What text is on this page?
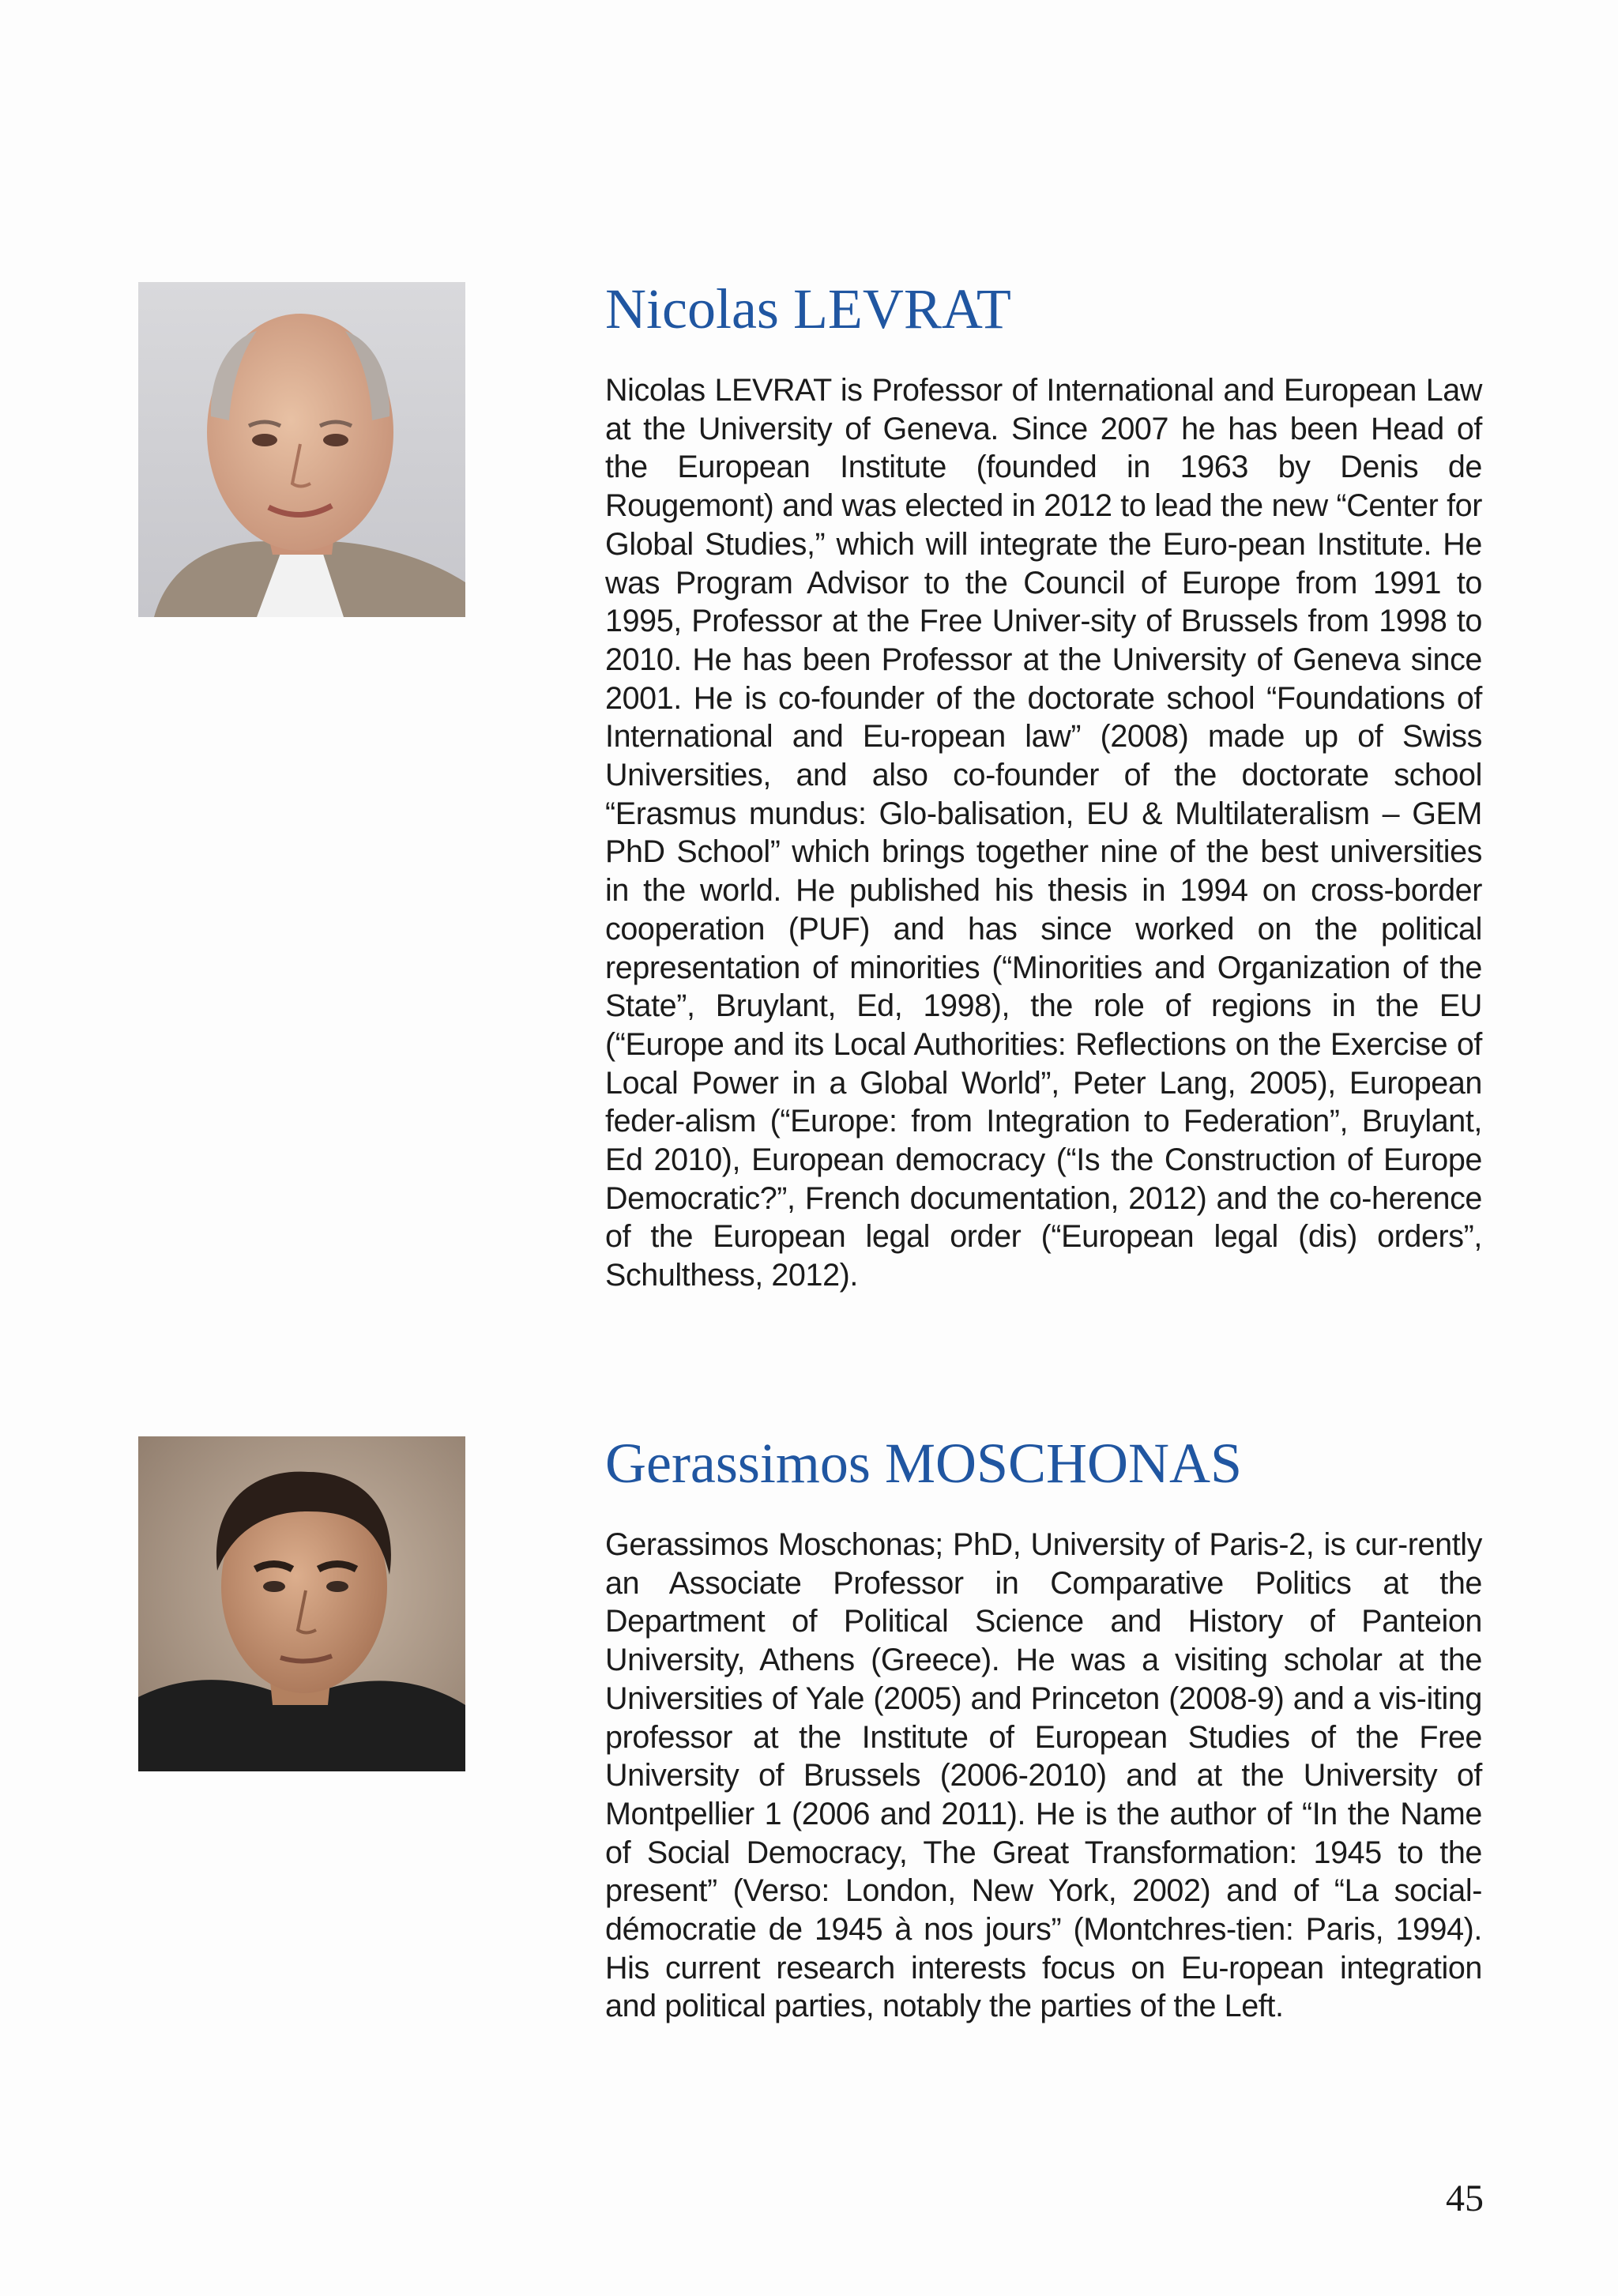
Nicolas LEVRAT

Nicolas LEVRAT is Professor of International and European Law at the University of Geneva. Since 2007 he has been Head of the European Institute (founded in 1963 by Denis de Rougemont) and was elected in 2012 to lead the new “Center for Global Studies,” which will integrate the Euro-pean Institute. He was Program Advisor to the Council of Europe from 1991 to 1995, Professor at the Free Univer-sity of Brussels from 1998 to 2010. He has been Professor at the University of Geneva since 2001. He is co-founder of the doctorate school “Foundations of International and Eu-ropean law” (2008) made up of Swiss Universities, and also co-founder of the doctorate school “Erasmus mundus: Glo-balisation, EU & Multilateralism – GEM PhD School” which brings together nine of the best universities in the world. He published his thesis in 1994 on cross-border cooperation (PUF) and has since worked on the political representation of minorities (“Minorities and Organization of the State”, Bruylant, Ed, 1998), the role of regions in the EU (“Europe and its Local Authorities: Reflections on the Exercise of Local Power in a Global World”, Peter Lang, 2005), European feder-alism (“Europe: from Integration to Federation”, Bruylant, Ed 2010), European democracy (“Is the Construction of Europe Democratic?”, French documentation, 2012) and the co-herence of the European legal order (“European legal (dis) orders”, Schulthess, 2012).

Gerassimos MOSCHONAS

Gerassimos Moschonas; PhD, University of Paris-2, is cur-rently an Associate Professor in Comparative Politics at the Department of Political Science and History of Panteion University, Athens (Greece). He was a visiting scholar at the Universities of Yale (2005) and Princeton (2008-9) and a vis-iting professor at the Institute of European Studies of the Free University of Brussels (2006-2010) and at the University of Montpellier 1 (2006 and 2011). He is the author of “In the Name of Social Democracy, The Great Transformation: 1945 to the present” (Verso: London, New York, 2002) and of “La social-démocratie de 1945 à nos jours” (Montchres-tien: Paris, 1994). His current research interests focus on Eu-ropean integration and political parties, notably the parties of the Left.

45
